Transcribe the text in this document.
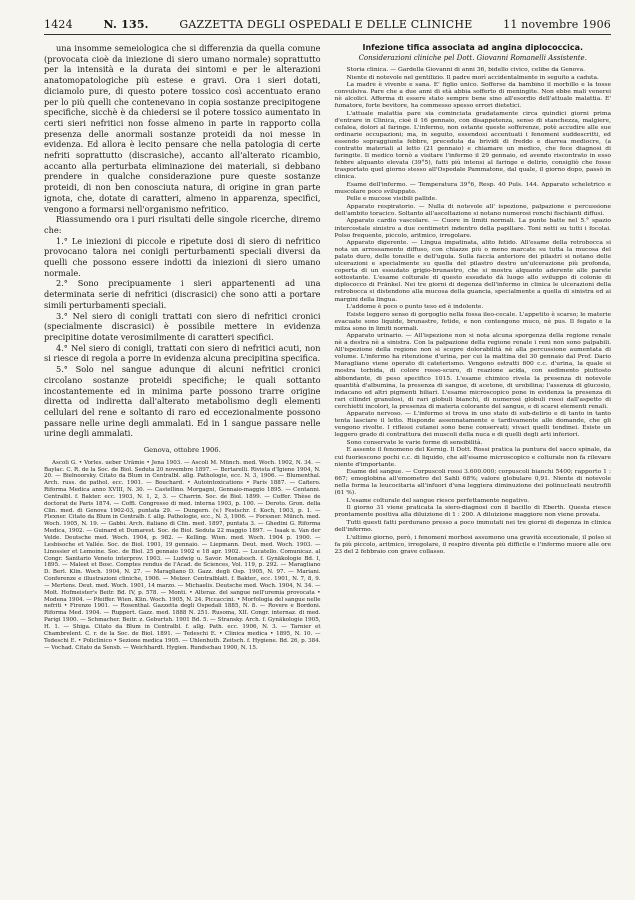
1424	N. 135.	GAZZETTA DEGLI OSPEDALI E DELLE CLINICHE	11 novembre 1906

una insomme semeiologica che si differenzia da quella comune (provocata cioè da iniezione di siero umano normale) soprattutto per la intensità e la durata dei sintomi e per le alterazioni anatomopatologiche più estese e gravi. Ora i sieri dotati, diciamolo pure, di questo potere tossico così accentuato erano per lo più quelli che contenevano in copia sostanze precipitogene specifiche, sicchè è da chiedersi se il potere tossico aumentato in certi sieri nefritici non fosse almeno in parte in rapporto colla presenza delle anormali sostanze proteidi da noi messe in evidenza. Ed allora è lecito pensare che nella patologia di certe nefriti soprattutto (discrasiche), accanto all'alterato ricambio, accanto alla perturbata eliminazione dei materiali, si debbano prendere in qualche considerazione pure queste sostanze proteidi, di non ben conosciuta natura, di origine in gran parte ignota, che, dotate di caratteri, almeno in apparenza, specifici, vengono a formarsi nell'organismo nefritico.

Riassumendo ora i puri risultati delle singole ricerche, diremo che:

1.° Le iniezioni di piccole e ripetute dosi di siero di nefritico provocano talora nei conigli perturbamenti speciali diversi da quelli che possono essere indotti da iniezioni di siero umano normale.

2.° Sono precipuamente i sieri appartenenti ad una determinata serie di nefritici (discrasici) che sono atti a portare simili perturbamenti speciali.

3.° Nel siero di conigli trattati con siero di nefritici cronici (specialmente discrasici) è possibile mettere in evidenza precipitine dotate verosimilmente di caratteri specifici.

4.° Nel siero di conigli, trattati con siero di nefritici acuti, non si riesce di regola a porre in evidenza alcuna precipitina specifica.

5.° Solo nel sangue adunque di alcuni nefritici cronici circolano sostanze proteidi specifiche; le quali sottanto incostantemente ed in minima parte possono trarre origine diretta od indiretta dall'alterato metabolismo degli elementi cellulari del rene e soltanto di raro ed eccezionalmente possono passare nelle urine degli ammalati. Ed in 1 sangue passare nelle urine degli ammalati.

Genova, ottobre 1906.

Ascoli G. • Vorles. ueber Urämie • Jena 1903. — Ascoli M. Münch. med. Woch. 1902, N. 34. — Baylac. C. R. de la Soc. de Biol. Seduta 20 novembre 1897. — Bertarelli. Rivista d'Igiene 1904, N. 20. — Bielnoorsky. Citato da Blum in Centralbl. allg. Pathologie, ecc. N. 3, 1906. — Blumenthal. Arch. russ. de pathol. ecc. 1901. — Bouchard. • Autointoxications • Paris 1887. — Cafiero. Riforma Medica anno XVIII, N. 30. — Castellino. Morgagni, Gennaio-maggio 1895. — Centanni. Centralbl. f. Bakter. ecc. 1903, N. 1, 2, 3. — Charrin. Soc. de Biol. 1899. — Coffer. Thèse de doctorat de Paris 1874. — Coffi. Congresso di med. interna 1903, p. 100. — Deroto. Gron. della Clin. med. di Genova 1902-03, puntata 29. — Dungern. (v.) Festschr. f. Koch, 1903, p. 1. — Flexner. Citato da Blum in Centralb. f. allg. Pathologie, ecc., N. 3, 1906. — Forssner. Münch. med. Woch. 1905, N. 19. — Gabbi. Arch. italiano di Clin. med. 1897, puntata 3. — Ghedini G. Riforma Medica, 1902. — Guinard et Dumarest. Soc. de Biol. Seduta 22 maggio 1897. — Isaak u. Van der Velde. Deutsche med. Woch. 1904, p. 982. — Kelling. Wien. med. Woch. 1904 p. 1900. — Lesbisoche et Vallée. Soc. de Biol. 1901, 19 gennaio. — Liepmann. Deut. med. Woch. 1903. — Linossier et Lemoine. Soc. de Biol. 25 gennaio 1902 e 18 apr. 1902. — Lucatello. Comunicaz. al Congr. Sanitario Veneto interprov. 1903. — Ludwig u. Savor. Monatssch. f. Gynäkologie Bd. I, 1895. — Maleet et Bosc. Comptes rendus de l'Acad. de Sciences, Vol. 119, p. 292. — Maragliano D. Berl. Klin. Woch. 1904, N. 27. — Maragliano D. Gazz. degli Osp. 1905, N. 97. — Mariani. Conferenze e illustrazioni cliniche, 1906. — Melzer. Centralblatt. f. Bakter., ecc. 1901, N. 7, 8, 9. — Mertens. Deut. med. Woch. 1901, 14 marzo. — Michaelis. Deutsche med. Woch. 1904, N. 34. — Molt. Hofmeister's Beitr. Bd. IV, p. 578. — Monti. • Alteraz. del sangue nell'uremia provocata • Modena 1904. — Pfeiffer. Wien. Klin. Woch. 1905, N. 24. Piccaccini. • Morfologia del sangue nelle nefriti • Firenze 1901. — Rosenthal. Gazzetta degli Ospedali 1885, N. 8. — Rovere e Bordoni. Riforma Med. 1904. — Ruppert. Gazz. med. 1888 N. 251. Rusoma, XII. Congr. internaz. di med. Parigi 1900. — Schmacher. Beitr. z. Geburtsh. 1901 Bd. 5. — Stransky. Arch. f. Gynäkologie 1905, H. 1. — Shiga. Citato da Blum in Centralbl. f. allg. Path. ecc. 1906, N. 3. — Tarnier et Chambrelent. C. r. de la Soc. de Biol. 1891. — Tedeschi E. • Clinica medica • 1895, N. 10. — Tedeschi E. • Policlinico • Sezione medica 1905. — Uhlenhuth. Zeitsch. f. Hygiene. Bd. 26, p. 384. — Vochad. Citato da Sensb. — Weichhardt. Hygien. Rundschau 1900, N. 15.

Infezione tifica associata ad angina diplococcica.

Considerazioni cliniche pel Dott. Giovanni Romanelli Assistente.

Storia clinica. — Gardella Giovanni di anni 36, bidello civico, celibe da Genova.

Niente di notevole nel gentilizio. Il padre morì accidentalmente in seguito a caduta.

La madre è vivente e sana. E' figlio unico. Sofferse da bambino il morbillo e la tosse convulsiva. Pare che a due anni di età abbia sofferto di meningite. Non ebbe mali venerei nè alcolici. Afferma di essere stato sempre bene sino all'esordio dell'attuale malattia. E' fumatore, forte bevitore, ha commesso spesso errori dietetici.

L'attuale malattia pare sia cominciata gradatamente circa quindici giorni prima d'entrare in Clinica, cioè il 16 gennaio, con disappetenza, senso di stanchezza, malgiere, cefalea, dolori al faringe. L'infermo, non ostante queste sofferenze, potè accudire alle sue ordinarie occupazioni; ma, in seguito, essendosi accentuati i fenomeni suddescritti, ed essendo sopraggiunta febbre, preceduta da brividi di freddo e diarrea mediocre, (a contratto materiali al letto (21 gennaio) e chiamare un medico, che fece diagnosi di faringite. Il medico tornò a visitare l'infermo il 29 gennaio, ed avendo riscontrato in esso febbre alquanto elevata (39°5), fatti più intensi al faringe e delirio, consigliò che fosse trasportato quel giorno stesso all'Ospedale Pammatone, dal quale, il giorno dopo, passò in clinica.

Esame dell'infermo. — Temperatura 39°6, Resp. 40 Puls. 144. Apparato scheletrico e muscolare poco sviluppato.

Pelle e mucose visibili pallide.

Apparato respiratorio. — Nulla di notevole all' ispezione, palpazione e percussione dell'ambito toracico. Soltanto all'ascoltazione si notano numerosi ronchi fischianti diffusi.

Apparato cardio vascolare. — Cuore in limiti normali. La punte batte nel 5.° spazio intercostale sinistro a due centimetri indentro della papillare. Toni netti su tutti i focolai. Polso frequente, piccolo, aritmico, irregolare.

Apparato digerente. — Lingua impatinata, alito fetido. All'esame della retrobocca si nota un arrossamento diffuso, con chiazze più o meno marcate su tutta la mucosa del palato duro, delle tonsille e dell'ugula. Sulla faccia anteriore dei pilastri si notano delle ulcerazioni e specialmente su quella del pilastro destro un'ulcerazione più profonda, coperta di un essudato grigio-brunastro, che si mostra alquanto aderente alle parete sottostante. L'esame colturale di questo essudato dà luogo allo sviluppo di colonie di diplococco di Fränkel. Nei tre giorni di degenza dell'infermo in clinica le ulcerazioni della retrobocca si distendono alla mucosa della guancia, specialmente a quella di sinistra ed ai margini della lingua.

L'addome è poco o punto teso ed è indolente.

Esiste leggero senso di gorgoglio nella fossa ileo-cecale. L'appetito è scarso; le materie evacuate sono liquide, brunastre, fetide, e non contengono muco, nè pus. Il fegato e la milza sono in limiti normali.

Apparato urinario. — All'ispezione non si nota alcuna sporgenza della regione renale nè a destra nè a sinistra. Con la palpazione della regione renale i reni non sono palpabili. All'ispezione della regione non si scopre dolorabilità nè alla percussione aumentata di volume. L'infermo ha ritenzione d'urina, per cui la mattina del 30 gennaio dal Prof. Dario Maragliano viene operato di cateterismo. Vengono estratti 800 c.c. d'urina, la quale si mostra torbida, di colore rosso-scuro, di reazione acida, con sedimento piuttosto abbondante, di peso specifico 1015. L'esame chimico rivela la presenza di notevole quantità d'albumina, la presenza di sangue, di acetone, di urobilina; l'assenza di glucosio, indacano ed altri pigmenti biliari. L'esame microscopico pone in evidenza la presenza di rari cilindri granulosi, di rari globuli bianchi, di numerosi globuli rossi dall'aspetto di cerchietti incolori, la presenza di materia colorante del sangue, e di scarsi elementi renali.

Apparato nervoso. — L'infermo si trova in uno stato di sub-delirio e di tanto in tanto tenta lasciare il letto. Risponde assennatamente e tardivamente alle domande, che gli vengono rivolte. I riflessi cutanei sono bene conservati; vivaci quelli tendinei. Esiste un leggero grado di contrattura dei muscoli della nuca e di quelli degli arti inferiori.

Sono conservate le varie forme di sensibilità.

E assente il fenomeno del Kernig. Il Dott. Rossi pratica la puntura del sacco spinale, da cui fuoriescono pochi c.c. di liquido, che all'esame microscopico e colturale non fa rilevare niente d'importante.

Esame del sangue. — Corpuscoli rossi 3.600.000; corpuscoli bianchi 5400; rapporto 1 : 667; emoglobina all'emometro del Sahli 68%; valore globulare 0,91. Niente di notevole nella forma la leucocitaria all'infuori d'una leggiera diminuzione dei polinucleati neutrofili (61 %).

L'esame colturale del sangue riesce perfettamente negativo.

Il giorno 31 viene praticata la siero-diagnosi con il bacillo di Eberth. Questa riesce prontamente positiva alla diluizione di 1 : 200. A diluizione maggiore non viene provata.

Tutti questi fatti perdurano presso a poco immutati nei tre giorni di degenza in clinica dell'infermo.

L'ultimo giorno, però, i fenomeni morbosi assumono una gravità eccezionale, il polso si fa più piccolo, aritmico, irregolare, il respiro diventa più difficile e l'infermo muore alle ore 23 del 2 febbraio con grave collasso.
